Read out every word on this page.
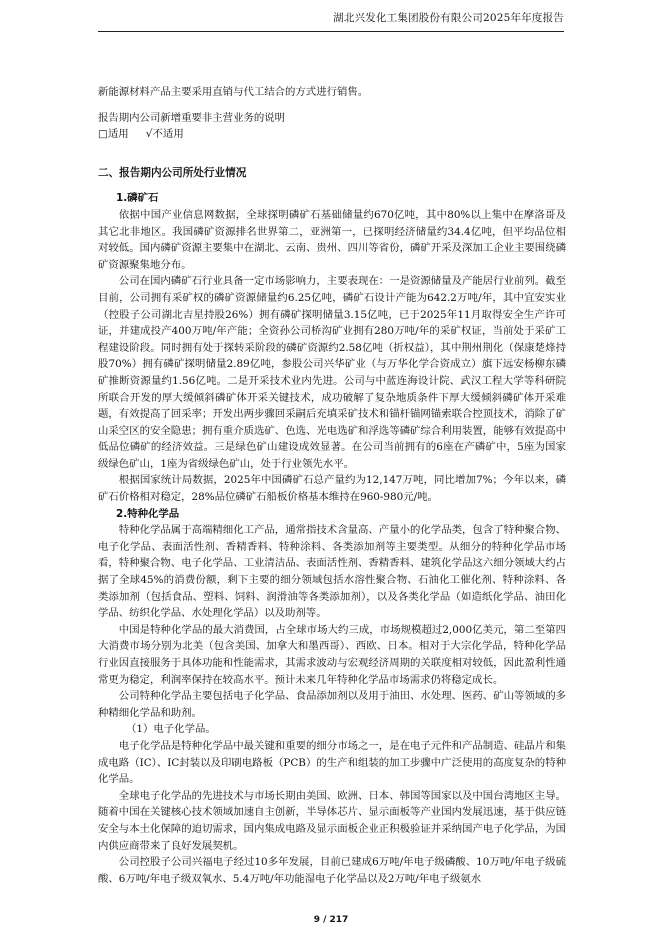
湖北兴发化工集团股份有限公司2025年年度报告

新能源材料产品主要采用直销与代工结合的方式进行销售。

报告期内公司新增重要非主营业务的说明

□适用 √不适用

二、报告期内公司所处行业情况

1.磷矿石

依据中国产业信息网数据，全球探明磷矿石基础储量约670亿吨，其中80%以上集中在摩洛哥及其它北非地区。我国磷矿资源排名世界第二，亚洲第一，已探明经济储量约34.4亿吨，但平均品位相对较低。国内磷矿资源主要集中在湖北、云南、贵州、四川等省份，磷矿开采及深加工企业主要围绕磷矿资源聚集地分布。

公司在国内磷矿石行业具备一定市场影响力，主要表现在：一是资源储量及产能居行业前列。截至目前，公司拥有采矿权的磷矿资源储量约6.25亿吨，磷矿石设计产能为642.2万吨/年，其中宜安实业（控股子公司湖北吉星持股26%）拥有磷矿探明储量3.15亿吨，已于2025年11月取得安全生产许可证，并建成投产400万吨/年产能；全资孙公司桥沟矿业拥有280万吨/年的采矿权证，当前处于采矿工程建设阶段。同时拥有处于探转采阶段的磷矿资源约2.58亿吨（折权益），其中荆州荆化（保康楚烽持股70%）拥有磷矿探明储量2.89亿吨，参股公司兴华矿业（与万华化学合资成立）旗下远安杨柳东磷矿推断资源量约1.56亿吨。二是开采技术业内先进。公司与中蓝连海设计院、武汉工程大学等科研院所联合开发的厚大缓倾斜磷矿体开采关键技术，成功破解了复杂地质条件下厚大缓倾斜磷矿体开采难题，有效提高了回采率；开发出两步骤回采嗣后充填采矿技术和锚杆锚网锚索联合控顶技术，消除了矿山采空区的安全隐患；拥有重介质选矿、色选、光电选矿和浮选等磷矿综合利用装置，能够有效提高中低品位磷矿的经济效益。三是绿色矿山建设成效显著。在公司当前拥有的6座在产磷矿中，5座为国家级绿色矿山，1座为省级绿色矿山，处于行业领先水平。

根据国家统计局数据，2025年中国磷矿石总产量约为12,147万吨，同比增加7%；今年以来，磷矿石价格相对稳定，28%品位磷矿石船板价格基本维持在960-980元/吨。

2.特种化学品

特种化学品属于高端精细化工产品，通常指技术含量高、产量小的化学品类，包含了特种聚合物、电子化学品、表面活性剂、香精香料、特种涂料、各类添加剂等主要类型。从细分的特种化学品市场看，特种聚合物、电子化学品、工业清洁品、表面活性剂、香精香料、建筑化学品这六细分领域大约占据了全球45%的消费份额，剩下主要的细分领域包括水溶性聚合物、石油化工催化剂、特种涂料、各类添加剂（包括食品、塑料、饲料、润滑油等各类添加剂），以及各类化学品（如造纸化学品、油田化学品、纺织化学品、水处理化学品）以及助剂等。

中国是特种化学品的最大消费国，占全球市场大约三成，市场规模超过2,000亿美元，第二至第四大消费市场分别为北美（包含美国、加拿大和墨西哥）、西欧、日本。相对于大宗化学品，特种化学品行业因直接服务于具体功能和性能需求，其需求波动与宏观经济周期的关联度相对较低，因此盈利性通常更为稳定，利润率保持在较高水平。预计未来几年特种化学品市场需求仍将稳定成长。

公司特种化学品主要包括电子化学品、食品添加剂以及用于油田、水处理、医药、矿山等领域的多种精细化学品和助剂。

（1）电子化学品。

电子化学品是特种化学品中最关键和重要的细分市场之一，是在电子元件和产品制造、硅晶片和集成电路（IC）、IC封装以及印刷电路板（PCB）的生产和组装的加工步骤中广泛使用的高度复杂的特种化学品。

全球电子化学品的先进技术与市场长期由美国、欧洲、日本、韩国等国家以及中国台湾地区主导。随着中国在关键核心技术领域加速自主创新，半导体芯片、显示面板等产业国内发展迅速，基于供应链安全与本土化保障的迫切需求，国内集成电路及显示面板企业正积极验证并采纳国产电子化学品，为国内供应商带来了良好发展契机。

公司控股子公司兴福电子经过10多年发展，目前已建成6万吨/年电子级磷酸、10万吨/年电子级硫酸、6万吨/年电子级双氧水、5.4万吨/年功能湿电子化学品以及2万吨/年电子级氨水

9 / 217
